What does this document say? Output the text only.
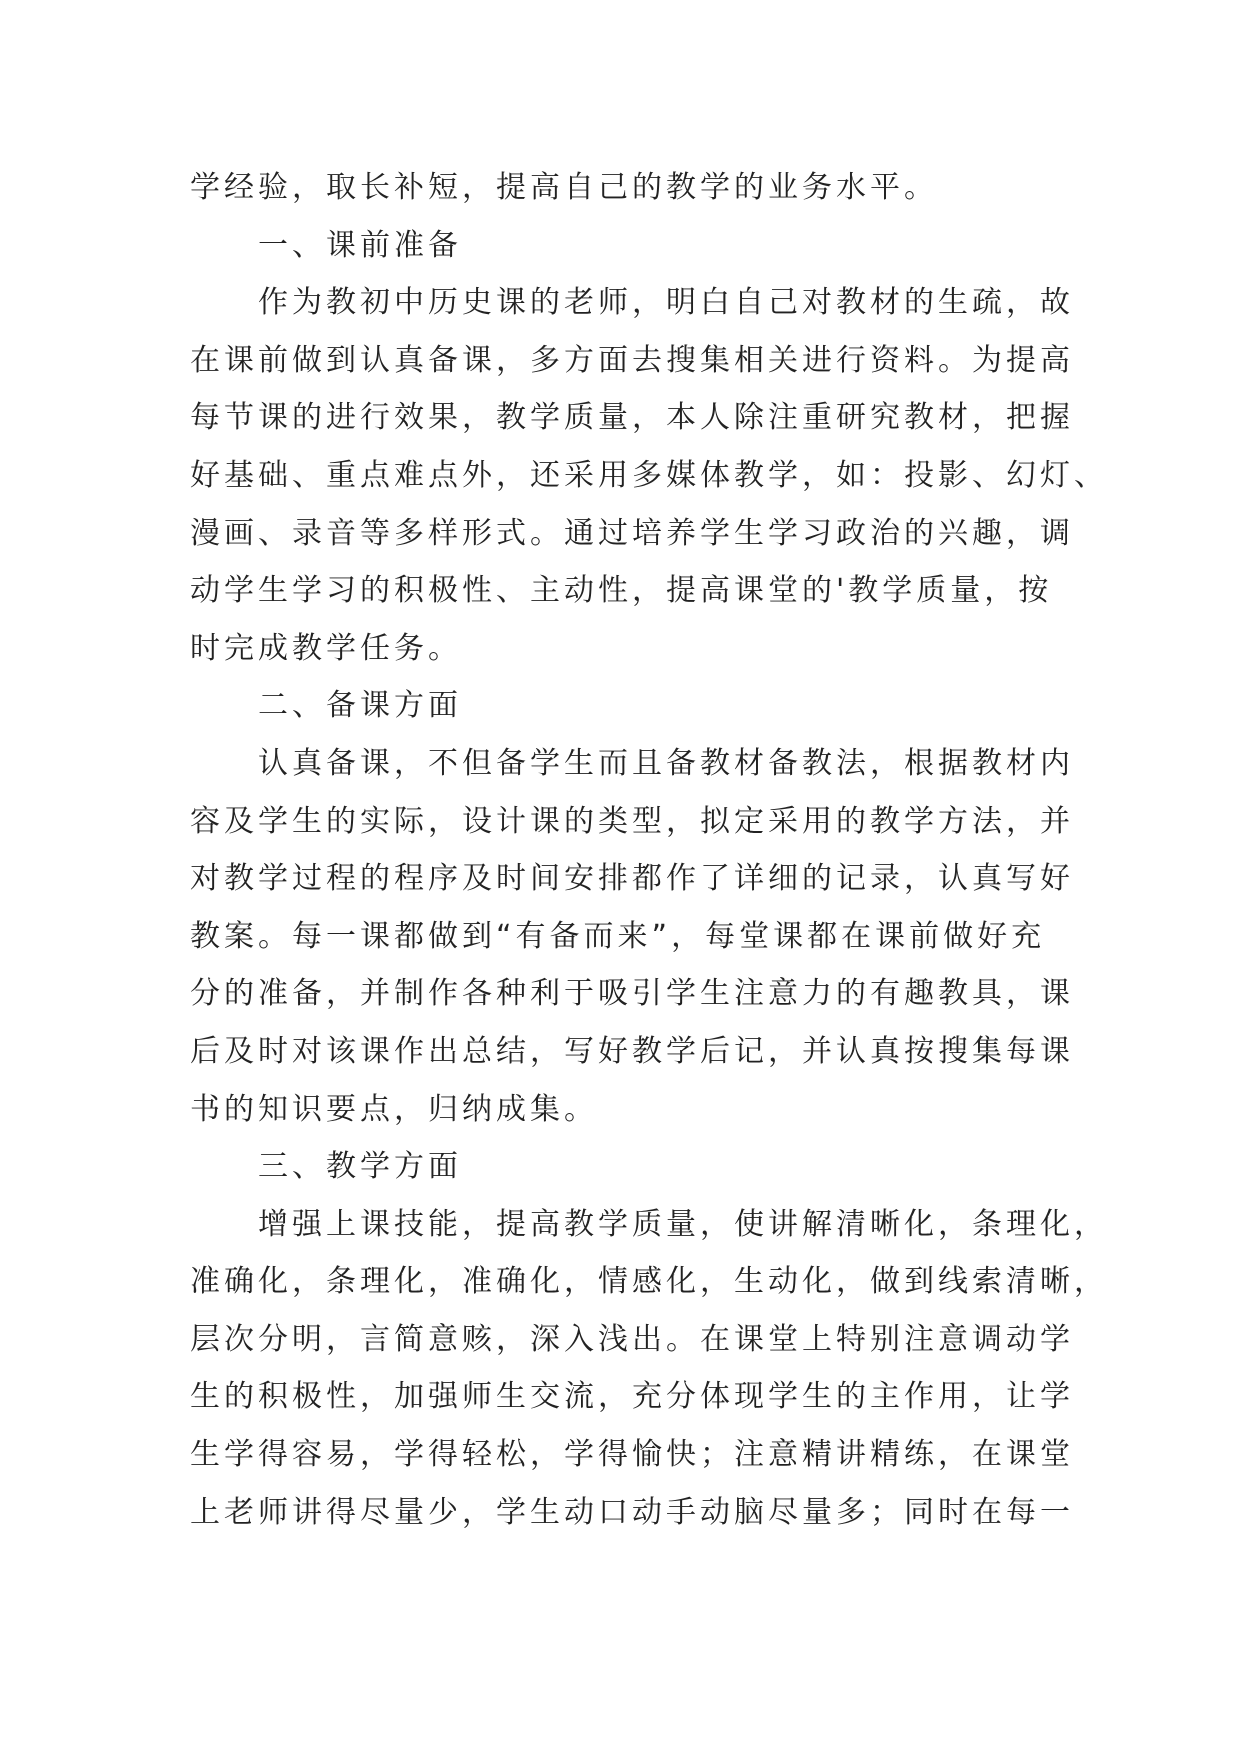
学经验，取长补短，提高自己的教学的业务水平。
一、课前准备
作为教初中历史课的老师，明白自己对教材的生疏，故
在课前做到认真备课，多方面去搜集相关进行资料。为提高
每节课的进行效果，教学质量，本人除注重研究教材，把握
好基础、重点难点外，还采用多媒体教学，如：投影、幻灯、
漫画、录音等多样形式。通过培养学生学习政治的兴趣，调
动学生学习的积极性、主动性，提高课堂的'教学质量，按
时完成教学任务。
二、备课方面
认真备课，不但备学生而且备教材备教法，根据教材内
容及学生的实际，设计课的类型，拟定采用的教学方法，并
对教学过程的程序及时间安排都作了详细的记录，认真写好
教案。每一课都做到“有备而来”，每堂课都在课前做好充
分的准备，并制作各种利于吸引学生注意力的有趣教具，课
后及时对该课作出总结，写好教学后记，并认真按搜集每课
书的知识要点，归纳成集。
三、教学方面
增强上课技能，提高教学质量，使讲解清晰化，条理化，
准确化，条理化，准确化，情感化，生动化，做到线索清晰，
层次分明，言简意赅，深入浅出。在课堂上特别注意调动学
生的积极性，加强师生交流，充分体现学生的主作用，让学
生学得容易，学得轻松，学得愉快；注意精讲精练，在课堂
上老师讲得尽量少，学生动口动手动脑尽量多；同时在每一
